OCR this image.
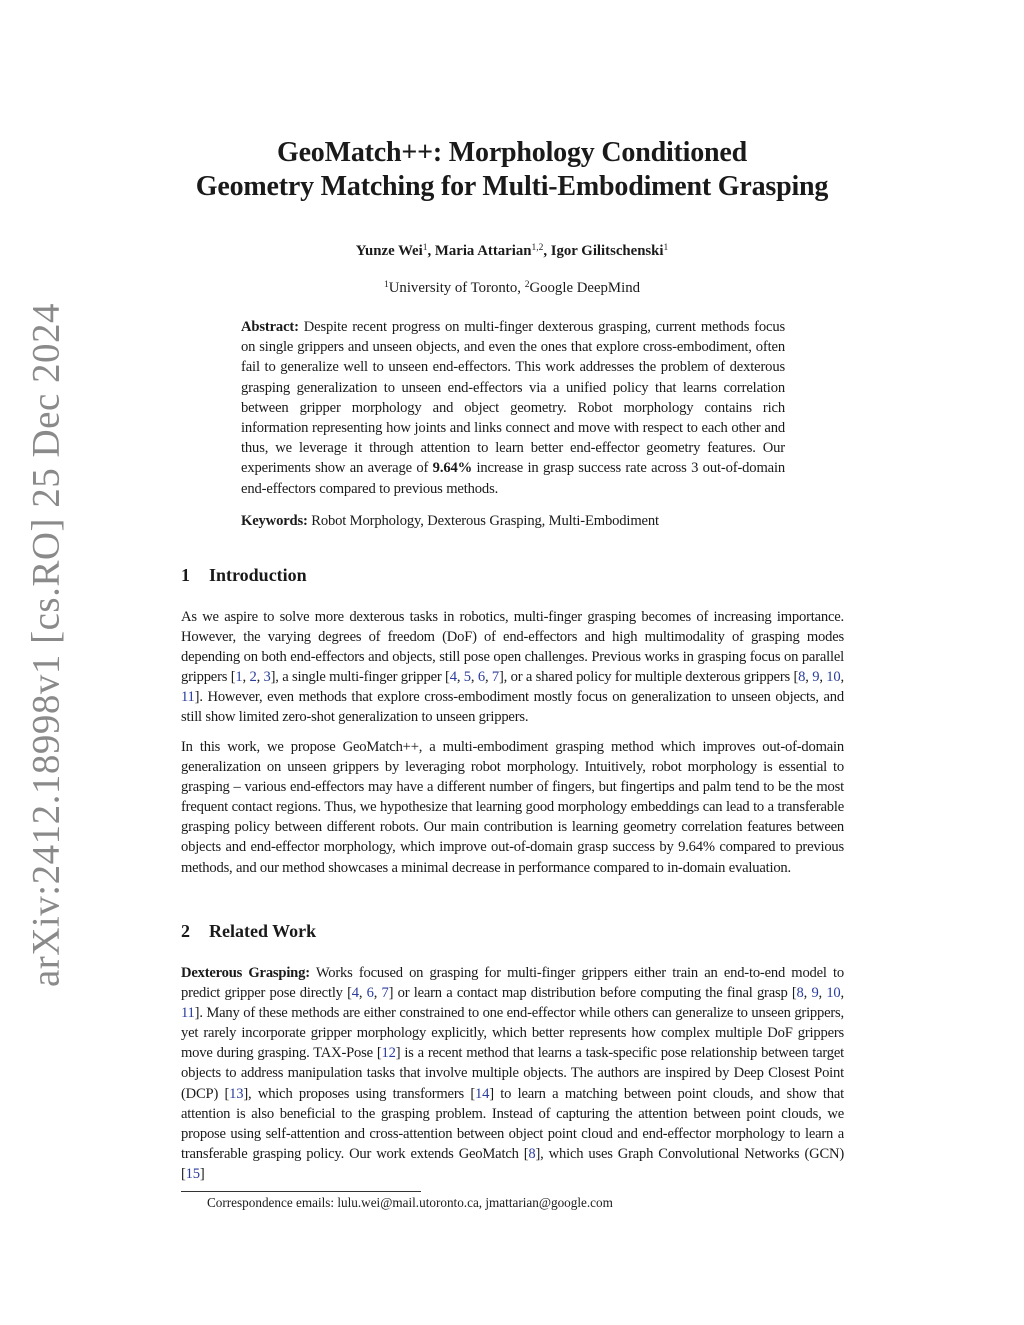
arXiv:2412.18998v1 [cs.RO] 25 Dec 2024
GeoMatch++: Morphology Conditioned
Geometry Matching for Multi-Embodiment Grasping
Yunze Wei$^1$, Maria Attarian$^{1,2}$, Igor Gilitschenski$^1$
$^1$University of Toronto, $^2$Google DeepMind
Abstract: Despite recent progress on multi-finger dexterous grasping, current methods focus on single grippers and unseen objects, and even the ones that explore cross-embodiment, often fail to generalize well to unseen end-effectors. This work addresses the problem of dexterous grasping generalization to unseen end-effectors via a unified policy that learns correlation between gripper morphology and object geometry. Robot morphology contains rich information representing how joints and links connect and move with respect to each other and thus, we leverage it through attention to learn better end-effector geometry features. Our experiments show an average of 9.64% increase in grasp success rate across 3 out-of-domain end-effectors compared to previous methods.
Keywords: Robot Morphology, Dexterous Grasping, Multi-Embodiment
1 Introduction

As we aspire to solve more dexterous tasks in robotics, multi-finger grasping becomes of increasing importance. However, the varying degrees of freedom (DoF) of end-effectors and high multimodality of grasping modes depending on both end-effectors and objects, still pose open challenges. Previous works in grasping focus on parallel grippers [1, 2, 3], a single multi-finger gripper [4, 5, 6, 7], or a shared policy for multiple dexterous grippers [8, 9, 10, 11]. However, even methods that explore cross-embodiment mostly focus on generalization to unseen objects, and still show limited zero-shot generalization to unseen grippers.

In this work, we propose GeoMatch++, a multi-embodiment grasping method which improves out-of-domain generalization on unseen grippers by leveraging robot morphology. Intuitively, robot morphology is essential to grasping – various end-effectors may have a different number of fingers, but fingertips and palm tend to be the most frequent contact regions. Thus, we hypothesize that learning good morphology embeddings can lead to a transferable grasping policy between different robots. Our main contribution is learning geometry correlation features between objects and end-effector morphology, which improve out-of-domain grasp success by 9.64% compared to previous methods, and our method showcases a minimal decrease in performance compared to in-domain evaluation.

2 Related Work

Dexterous Grasping: Works focused on grasping for multi-finger grippers either train an end-to-end model to predict gripper pose directly [4, 6, 7] or learn a contact map distribution before computing the final grasp [8, 9, 10, 11]. Many of these methods are either constrained to one end-effector while others can generalize to unseen grippers, yet rarely incorporate gripper morphology explicitly, which better represents how complex multiple DoF grippers move during grasping. TAX-Pose [12] is a recent method that learns a task-specific pose relationship between target objects to address manipulation tasks that involve multiple objects. The authors are inspired by Deep Closest Point (DCP) [13], which proposes using transformers [14] to learn a matching between point clouds, and show that attention is also beneficial to the grasping problem. Instead of capturing the attention between point clouds, we propose using self-attention and cross-attention between object point cloud and end-effector morphology to learn a transferable grasping policy. Our work extends GeoMatch [8], which uses Graph Convolutional Networks (GCN) [15]

Correspondence emails: lulu.wei@mail.utoronto.ca, jmattarian@google.com
